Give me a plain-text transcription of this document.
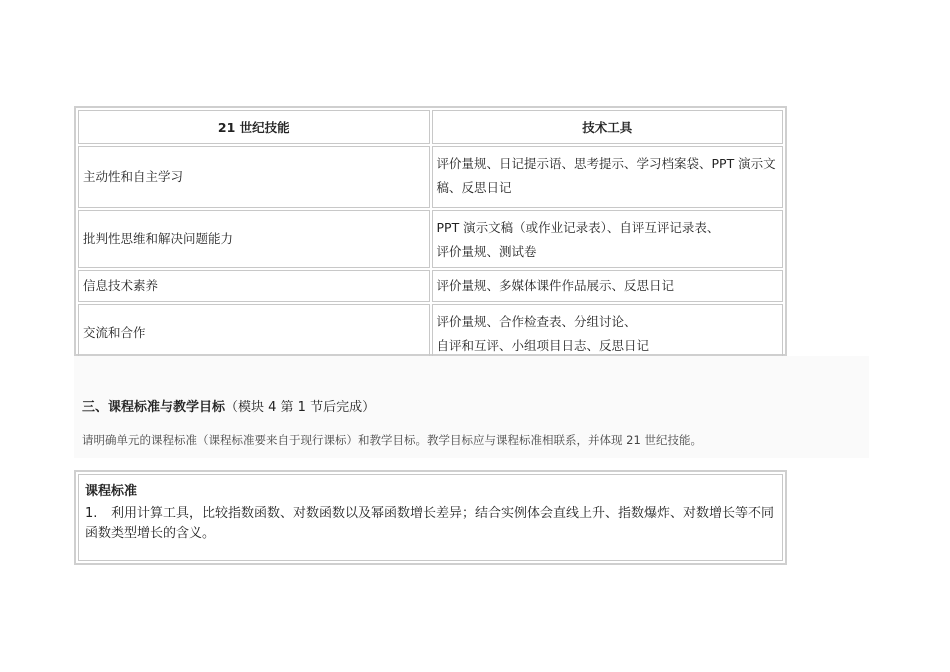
21 世纪技能	技术工具
主动性和自主学习	评价量规、日记提示语、思考提示、学习档案袋、PPT 演示文稿、反思日记

批判性思维和解决问题能力	PPT 演示文稿（或作业记录表）、自评互评记录表、
评价量规、测试卷

信息技术素养	评价量规、多媒体课件作品展示、反思日记

交流和合作	评价量规、合作检查表、分组讨论、
自评和互评、小组项目日志、反思日记
三、课程标准与教学目标（模块 4 第 1 节后完成）
请明确单元的课程标准（课程标准要来自于现行课标）和教学目标。教学目标应与课程标准相联系，并体现 21 世纪技能。
课程标准
1. 利用计算工具，比较指数函数、对数函数以及幂函数增长差异；结合实例体会直线上升、指数爆炸、对数增长等不同函数类型增长的含义。
